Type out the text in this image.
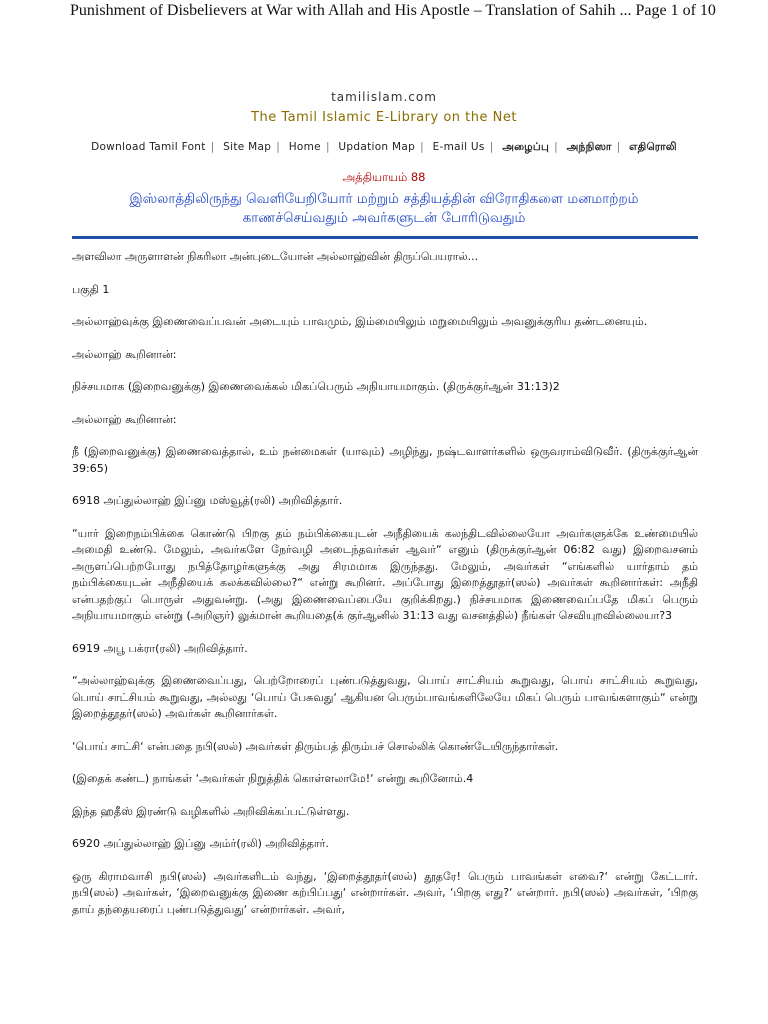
Punishment of Disbelievers at War with Allah and His Apostle – Translation of Sahih ... Page 1 of 10
tamilislam.com
The Tamil Islamic E-Library on the Net
Download Tamil Font | Site Map | Home | Updation Map | E-mail Us | அழைப்பு | அந்நிஸா | எதிரொலி
அத்தியாயம் 88
இஸ்லாத்திலிருந்து வெளியேறியோர் மற்றும் சத்தியத்தின் விரோதிகளை மனமாற்றம்
காணச்செய்வதும் அவர்களுடன் போரிடுவதும்

அளவிலா அருளாளன் நிகரிலா அன்புடையோன் அல்லாஹ்வின் திருப்பெயரால்...

பகுதி 1

அல்லாஹ்வுக்கு இணைவைப்பவன் அடையும் பாவமும், இம்மையிலும் மறுமையிலும் அவனுக்குரிய தண்டனையும்.

அல்லாஹ் கூறினான்:

நிச்சயமாக (இறைவனுக்கு) இணைவைக்கல் மிகப்பெரும் அநியாயமாகும். (திருக்குர்ஆன் 31:13)2

அல்லாஹ் கூறினான்:

நீ (இறைவனுக்கு) இணைவைத்தால், உம் நன்மைகள் (யாவும்) அழிந்து, நஷ்டவாளர்களில் ஒருவராம்விடுவீர். (திருக்குர்ஆன் 39:65)

6918 அப்துல்லாஹ் இப்னு மஸ்வூத்(ரலி) அறிவித்தார்.

“யார் இறைநம்பிக்கை கொண்டு பிறகு தம் நம்பிக்கையுடன் அநீதியைக் கலந்திடவில்லையோ அவர்களுக்கே உண்மையில் அமைதி உண்டு. மேலும், அவர்களே நேர்வழி அடைந்தவர்கள் ஆவர்“ எனும் (திருக்குர்ஆன் 06:82 வது) இறைவசனம் அருளப்பெற்றபோது நபித்தோழர்களுக்கு அது சிரமமாக இருந்தது. மேலும், அவர்கள் “எங்களில் யார்தாம் தம் நம்பிக்கையுடன் அநீதியைக் கலக்கவில்லை?“ என்று கூறினர். அப்போது இறைத்தூதர்(ஸல்) அவர்கள் கூறினார்கள்: அநீதி என்பதற்குப் பொருள் அதுவன்று. (அது இணைவைப்பையே குறிக்கிறது.) நிச்சயமாக இணைவைப்பதே மிகப் பெரும் அநியாயமாகும் என்று (அறிஞர்) லுக்மான் கூறியதை(க் குர்ஆனில் 31:13 வது வசனத்தில்) நீங்கள் செவியுறவில்லையா?3

6919 அபூ பக்ரா(ரலி) அறிவித்தார்.

“அல்லாஹ்வுக்கு இணைவைப்பது, பெற்றோரைப் புண்படுத்துவது, பொய் சாட்சியம் கூறுவது, பொய் சாட்சியம் கூறுவது, பொய் சாட்சியம் கூறுவது, அல்லது ‘பொய் பேசுவது‘ ஆகியன பெரும்பாவங்களிலேயே மிகப் பெரும் பாவங்களாகும்“ என்று இறைத்தூதர்(ஸல்) அவர்கள் கூறினார்கள்.

‘பொய் சாட்சி‘ என்பதை நபி(ஸல்) அவர்கள் திரும்பத் திரும்பச் சொல்லிக் கொண்டேயிருந்தார்கள்.

(இதைக் கண்ட) நாங்கள் ‘அவர்கள் நிறுத்திக் கொள்ளலாமே!‘ என்று கூறினோம்.4

இந்த ஹதீஸ் இரண்டு வழிகளில் அறிவிக்கப்பட்டுள்ளது.

6920 அப்துல்லாஹ் இப்னு அம்ர்(ரலி) அறிவித்தார்.

ஒரு கிராமவாசி நபி(ஸல்) அவர்களிடம் வந்து, ‘இறைத்தூதர்(ஸல்) தூதரே! பெரும் பாவங்கள் எவை?‘ என்று கேட்டார். நபி(ஸல்) அவர்கள், ‘இறைவனுக்கு இணை கற்பிப்பது‘ என்றார்கள். அவர், ‘பிறகு எது?‘ என்றார். நபி(ஸல்) அவர்கள், ‘பிறகு தாய் தந்தையரைப் புண்படுத்துவது‘ என்றார்கள். அவர்,
